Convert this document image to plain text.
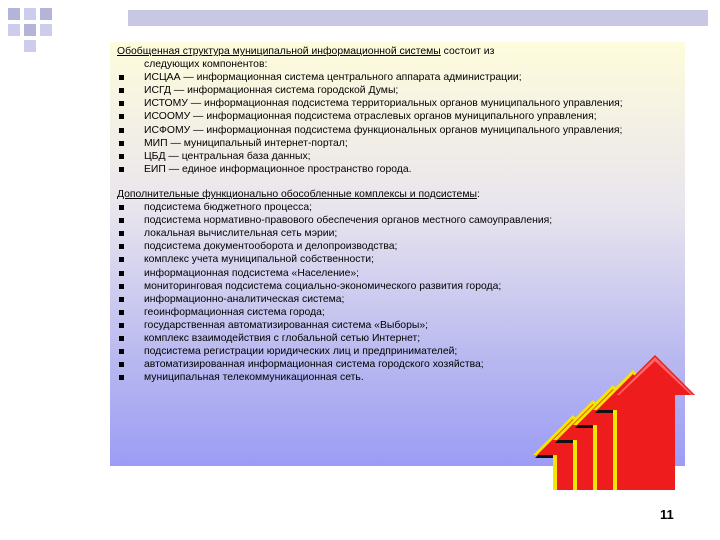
Обобщенная структура муниципальной информационной системы состоит из
следующих компонентов:
ИСЦАА — информационная система центрального аппарата администрации;
ИСГД — информационная система городской Думы;
ИСТОМУ — информационная подсистема территориальных органов муниципального управления;
ИСООМУ — информационная подсистема отраслевых органов муниципального управления;
ИСФОМУ — информационная подсистема функциональных органов муниципального управления;
МИП — муниципальный интернет-портал;
ЦБД — центральная база данных;
ЕИП — единое информационное пространство города.
Дополнительные функционально обособленные комплексы и подсистемы:
подсистема бюджетного процесса;
подсистема нормативно-правового обеспечения органов местного самоуправления;
локальная вычислительная сеть мэрии;
подсистема документооборота и делопроизводства;
комплекс учета муниципальной собственности;
информационная подсистема «Население»;
мониторинговая подсистема социально-экономического развития города;
информационно-аналитическая система;
геоинформационная система города;
государственная автоматизированная система «Выборы»;
комплекс взаимодействия с глобальной сетью Интернет;
подсистема регистрации юридических лиц и предпринимателей;
автоматизированная информационная система городского хозяйства;
муниципальная телекоммуникационная сеть.
11
